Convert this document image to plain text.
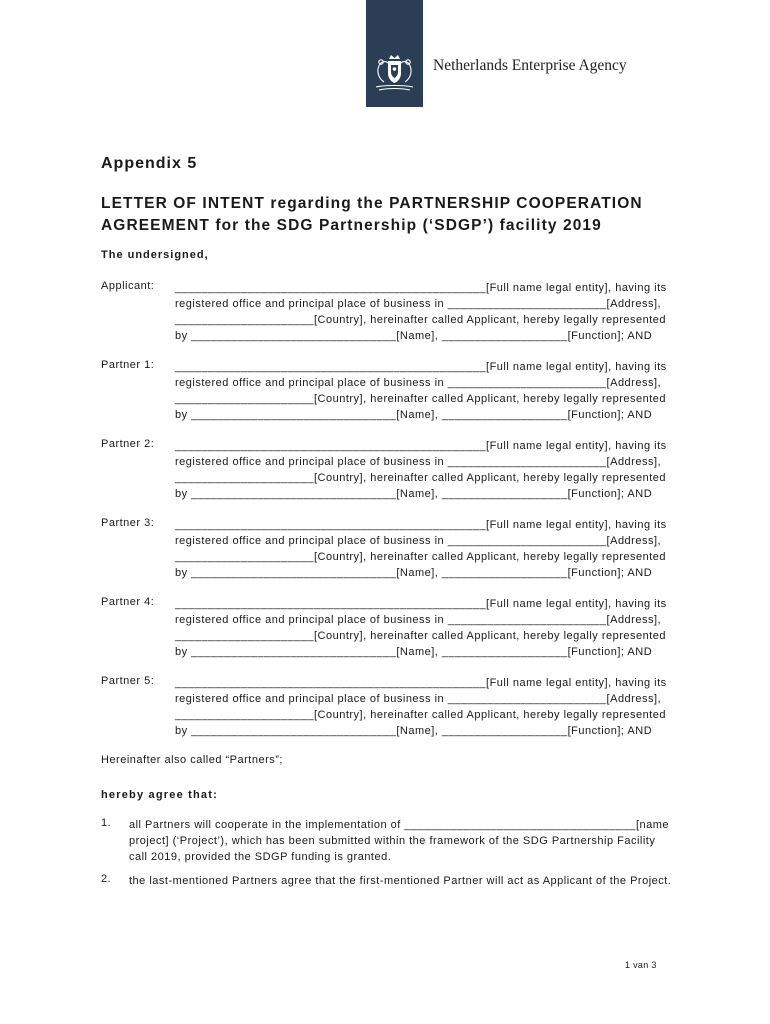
Netherlands Enterprise Agency
Appendix 5
LETTER OF INTENT regarding the PARTNERSHIP COOPERATION
AGREEMENT for the SDG Partnership (‘SDGP’) facility 2019
The undersigned,
Applicant: _______________________________________________[Full name legal entity], having its
registered office and principal place of business in ________________________[Address],
_____________________[Country], hereinafter called Applicant, hereby legally represented
by _______________________________[Name], ___________________[Function]; AND
Partner 1: _______________________________________________[Full name legal entity], having its
registered office and principal place of business in ________________________[Address],
_____________________[Country], hereinafter called Applicant, hereby legally represented
by _______________________________[Name], ___________________[Function]; AND
Partner 2: _______________________________________________[Full name legal entity], having its
registered office and principal place of business in ________________________[Address],
_____________________[Country], hereinafter called Applicant, hereby legally represented
by _______________________________[Name], ___________________[Function]; AND
Partner 3: _______________________________________________[Full name legal entity], having its
registered office and principal place of business in ________________________[Address],
_____________________[Country], hereinafter called Applicant, hereby legally represented
by _______________________________[Name], ___________________[Function]; AND
Partner 4: _______________________________________________[Full name legal entity], having its
registered office and principal place of business in ________________________[Address],
_____________________[Country], hereinafter called Applicant, hereby legally represented
by _______________________________[Name], ___________________[Function]; AND
Partner 5: _______________________________________________[Full name legal entity], having its
registered office and principal place of business in ________________________[Address],
_____________________[Country], hereinafter called Applicant, hereby legally represented
by _______________________________[Name], ___________________[Function]; AND
Hereinafter also called “Partners”;
hereby agree that:
1. all Partners will cooperate in the implementation of ___________________________________[name
project] (‘Project’), which has been submitted within the framework of the SDG Partnership Facility
call 2019, provided the SDGP funding is granted.
2. the last-mentioned Partners agree that the first-mentioned Partner will act as Applicant of the Project.
1 van 3
